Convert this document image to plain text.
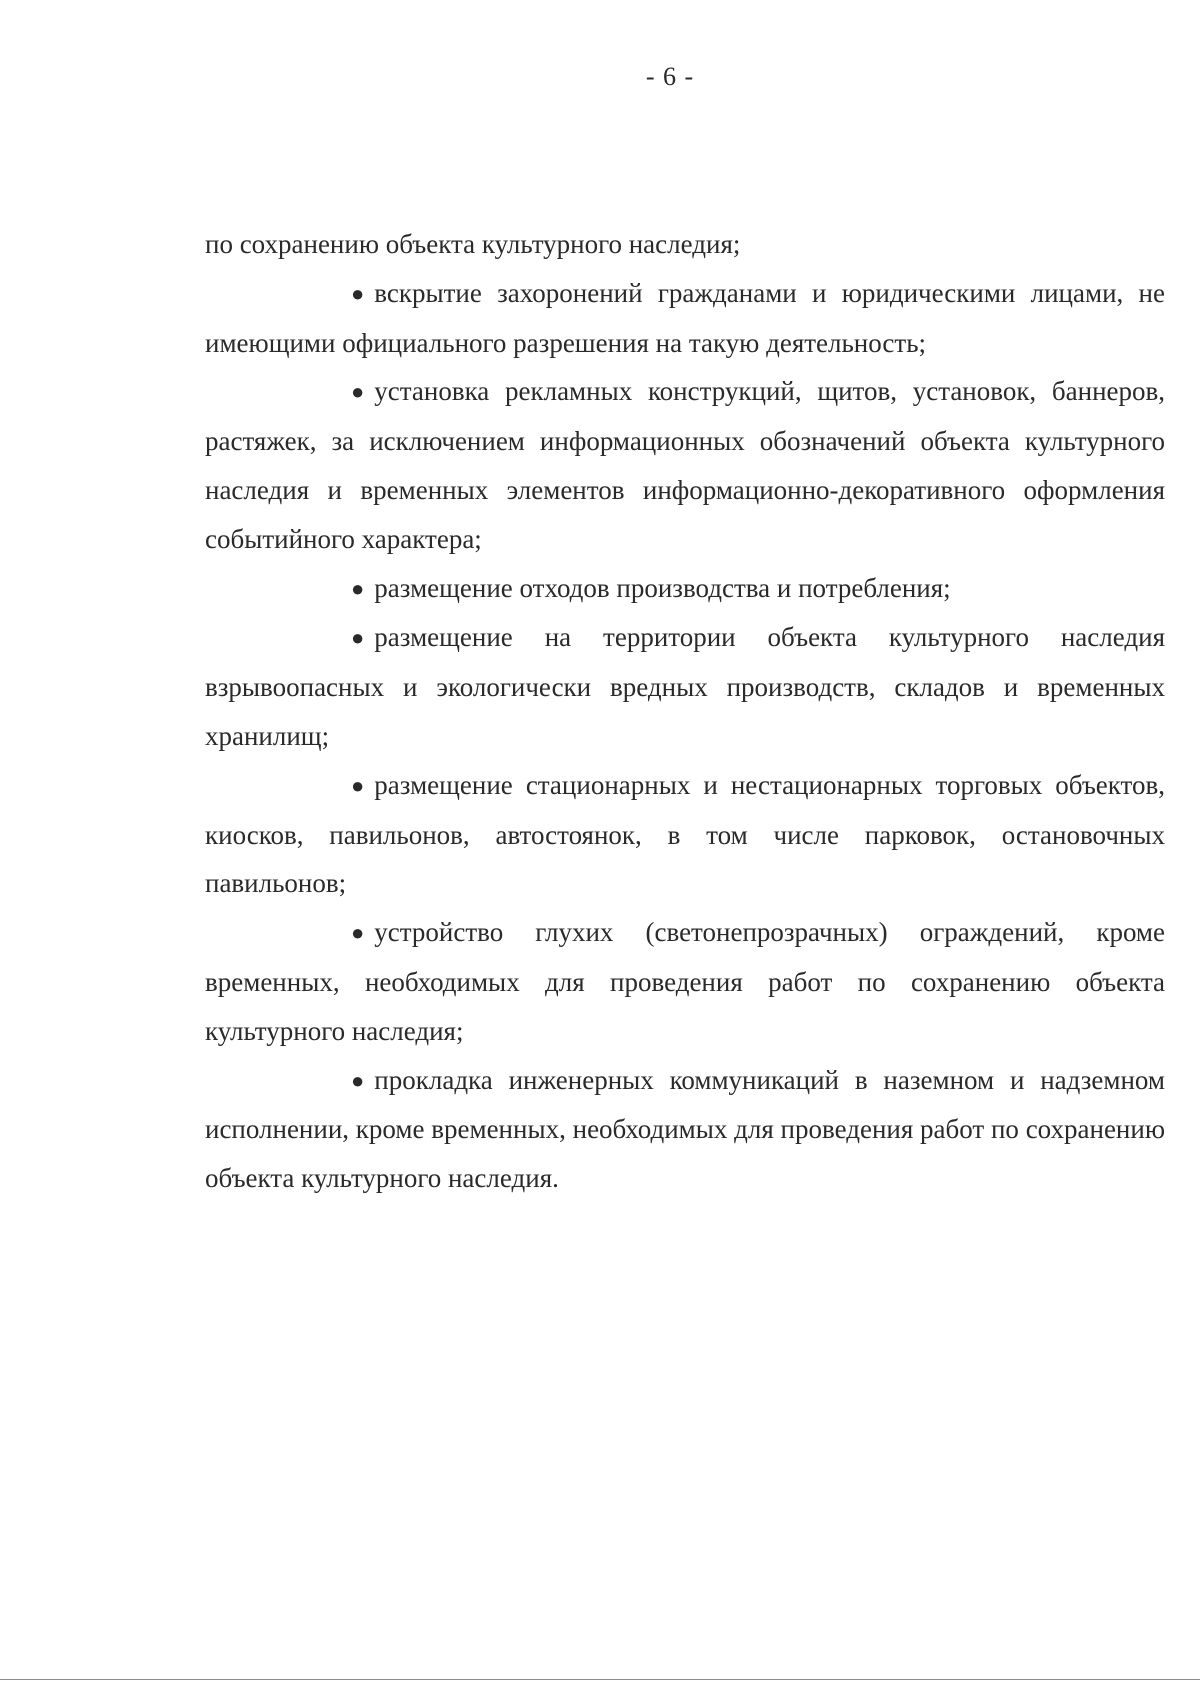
- 6 -

по сохранению объекта культурного наследия;

● вскрытие захоронений гражданами и юридическими лицами, не имеющими официального разрешения на такую деятельность;

● установка рекламных конструкций, щитов, установок, баннеров, растяжек, за исключением информационных обозначений объекта культурного наследия и временных элементов информационно-декоративного оформления событийного характера;

● размещение отходов производства и потребления;

● размещение на территории объекта культурного наследия взрывоопасных и экологически вредных производств, складов и временных хранилищ;

● размещение стационарных и нестационарных торговых объектов, киосков, павильонов, автостоянок, в том числе парковок, остановочных павильонов;

● устройство глухих (светонепрозрачных) ограждений, кроме временных, необходимых для проведения работ по сохранению объекта культурного наследия;

● прокладка инженерных коммуникаций в наземном и надземном исполнении, кроме временных, необходимых для проведения работ по сохранению объекта культурного наследия.
